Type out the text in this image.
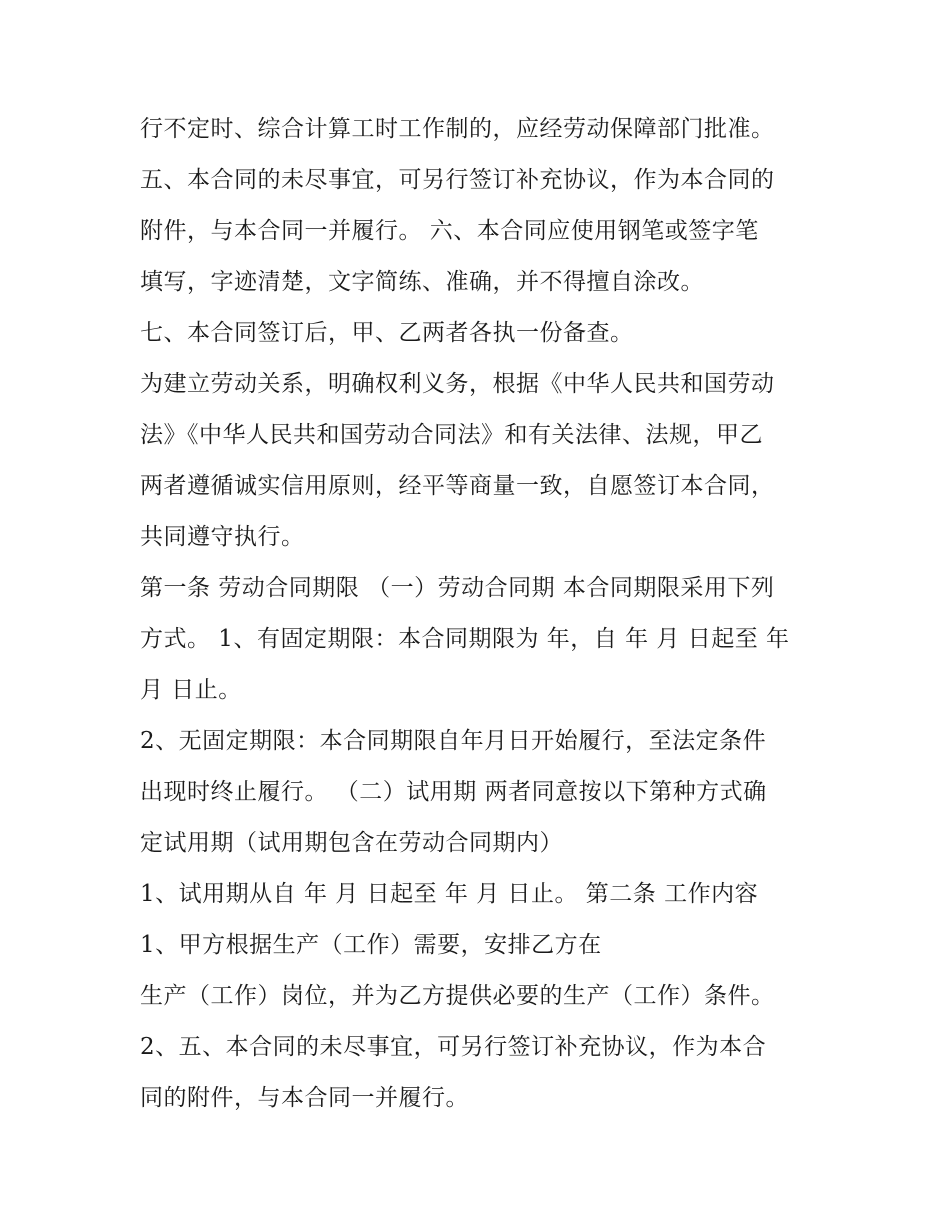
行不定时、综合计算工时工作制的，应经劳动保障部门批准。
五、本合同的未尽事宜，可另行签订补充协议，作为本合同的
附件，与本合同一并履行。 六、本合同应使用钢笔或签字笔
填写，字迹清楚，文字简练、准确，并不得擅自涂改。
七、本合同签订后，甲、乙两者各执一份备查。
为建立劳动关系，明确权利义务，根据《中华人民共和国劳动
法》《中华人民共和国劳动合同法》和有关法律、法规，甲乙
两者遵循诚实信用原则，经平等商量一致，自愿签订本合同，
共同遵守执行。
第一条 劳动合同期限 （一）劳动合同期 本合同期限采用下列
方式。 1、有固定期限：本合同期限为 年，自 年 月 日起至 年
月 日止。
2、无固定期限：本合同期限自年月日开始履行，至法定条件
出现时终止履行。 （二）试用期 两者同意按以下第种方式确
定试用期（试用期包含在劳动合同期内）
1、试用期从自 年 月 日起至 年 月 日止。 第二条 工作内容
1、甲方根据生产（工作）需要，安排乙方在
生产（工作）岗位，并为乙方提供必要的生产（工作）条件。
2、五、本合同的未尽事宜，可另行签订补充协议，作为本合
同的附件，与本合同一并履行。
